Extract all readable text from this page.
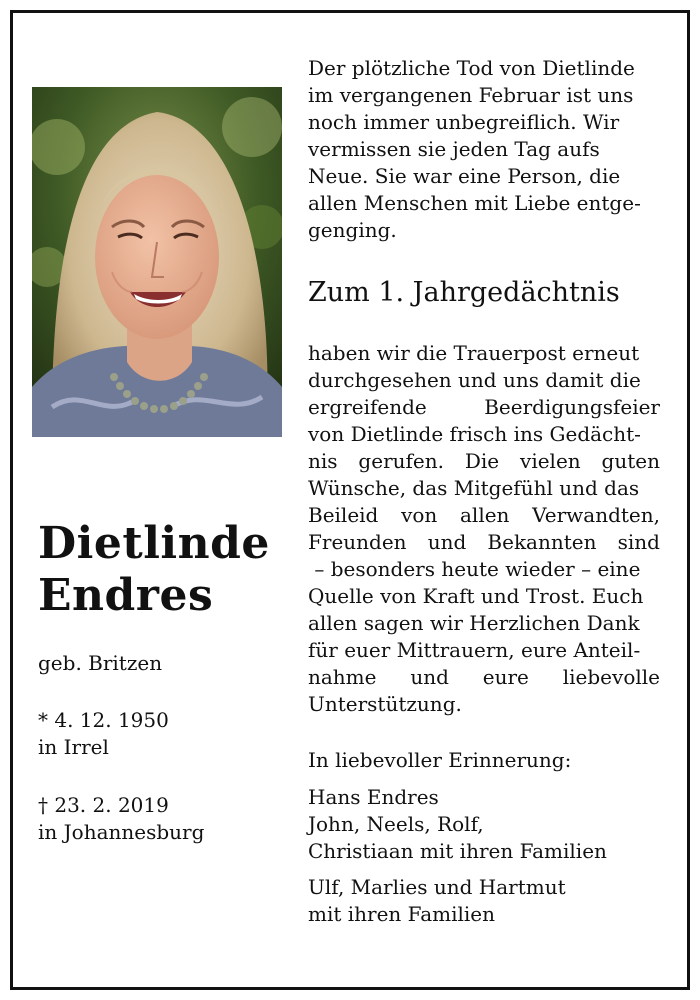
Dietlinde
Endres
geb. Britzen
* 4. 12. 1950
in Irrel
† 23. 2. 2019
in Johannesburg

Der plötzliche Tod von Dietlinde

im vergangenen Februar ist uns

noch immer unbegreiflich. Wir

vermissen sie jeden Tag aufs

Neue. Sie war eine Person, die

allen Menschen mit Liebe entge-

genging.

Zum 1. Jahrgedächtnis

haben wir die Trauerpost erneut

durchgesehen und uns damit die

ergreifende Beerdigungsfeier

von Dietlinde frisch ins Gedächt-

nis gerufen. Die vielen guten

Wünsche, das Mitgefühl und das

Beileid von allen Verwandten,

Freunden und Bekannten sind

– besonders heute wieder – eine

Quelle von Kraft und Trost. Euch

allen sagen wir Herzlichen Dank

für euer Mittrauern, eure Anteil-

nahme und eure liebevolle

Unterstützung.

In liebevoller Erinnerung:
Hans Endres
John, Neels, Rolf,
Christiaan mit ihren Familien
Ulf, Marlies und Hartmut
mit ihren Familien
